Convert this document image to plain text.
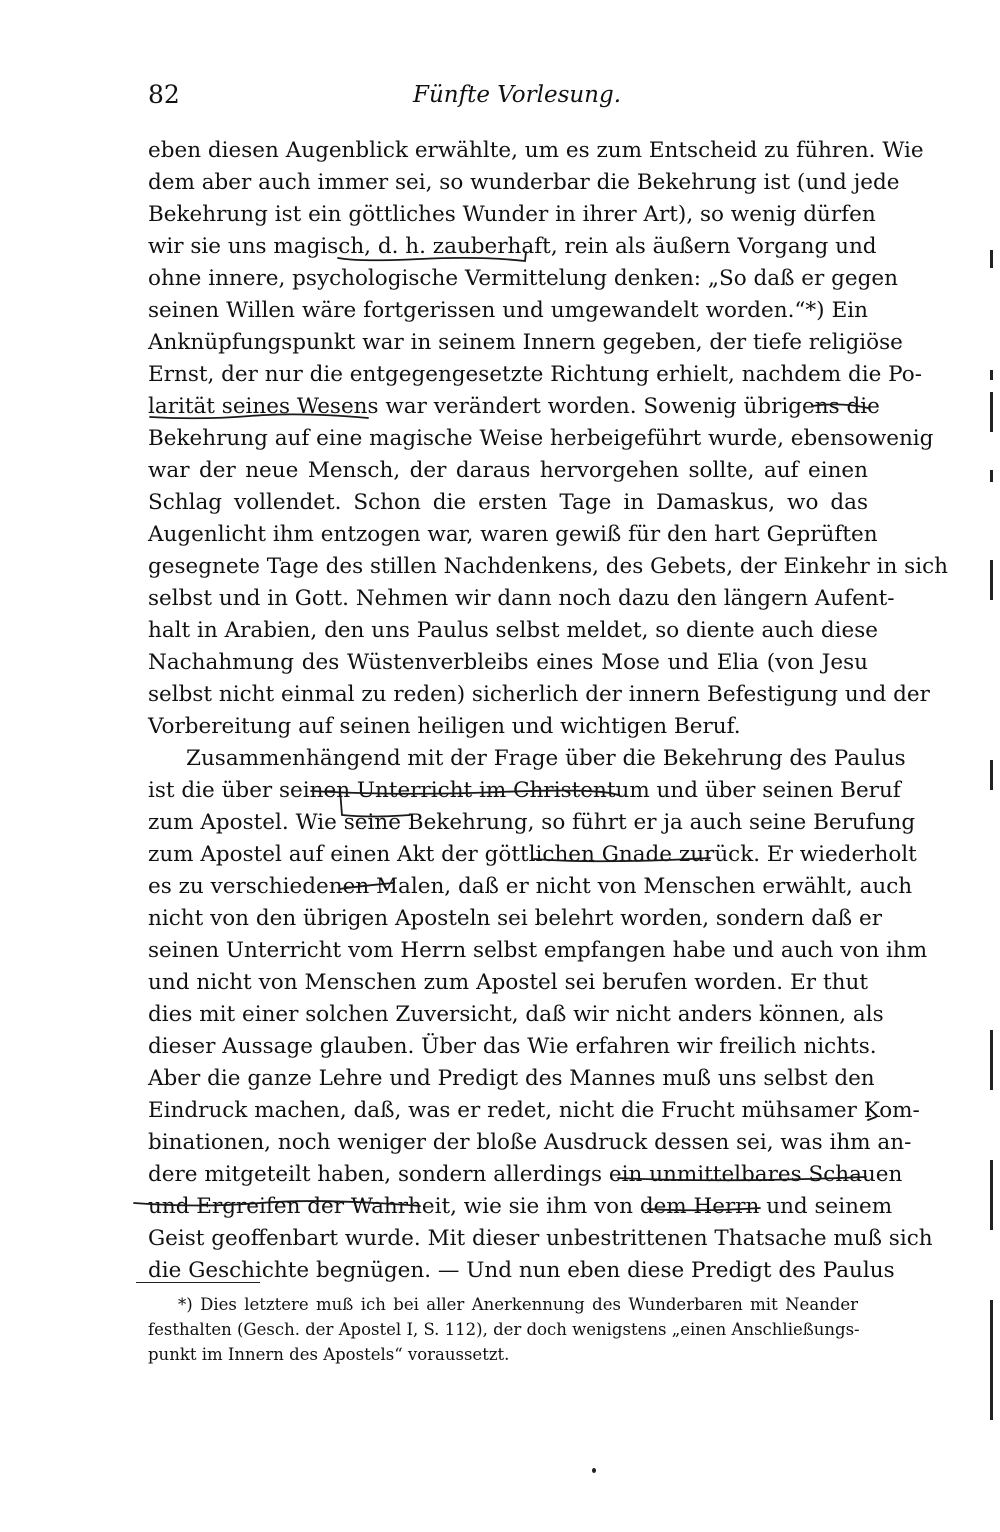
82	Fünfte Vorlesung.
eben diesen Augenblick erwählte, um es zum Entscheid zu führen. Wie
dem aber auch immer sei, so wunderbar die Bekehrung ist (und jede
Bekehrung ist ein göttliches Wunder in ihrer Art), so wenig dürfen
wir sie uns magisch, d. h. zauberhaft, rein als äußern Vorgang und
ohne innere, psychologische Vermittelung denken: „So daß er gegen
seinen Willen wäre fortgerissen und umgewandelt worden.“*) Ein
Anknüpfungspunkt war in seinem Innern gegeben, der tiefe religiöse
Ernst, der nur die entgegengesetzte Richtung erhielt, nachdem die Po-
larität seines Wesens war verändert worden. Sowenig übrigens die
Bekehrung auf eine magische Weise herbeigeführt wurde, ebensowenig
war der neue Mensch, der daraus hervorgehen sollte, auf einen
Schlag vollendet. Schon die ersten Tage in Damaskus, wo das
Augenlicht ihm entzogen war, waren gewiß für den hart Geprüften
gesegnete Tage des stillen Nachdenkens, des Gebets, der Einkehr in sich
selbst und in Gott. Nehmen wir dann noch dazu den längern Aufent-
halt in Arabien, den uns Paulus selbst meldet, so diente auch diese
Nachahmung des Wüstenverbleibs eines Mose und Elia (von Jesu
selbst nicht einmal zu reden) sicherlich der innern Befestigung und der
Vorbereitung auf seinen heiligen und wichtigen Beruf.
Zusammenhängend mit der Frage über die Bekehrung des Paulus
ist die über seinen Unterricht im Christentum und über seinen Beruf
zum Apostel. Wie seine Bekehrung, so führt er ja auch seine Berufung
zum Apostel auf einen Akt der göttlichen Gnade zurück. Er wiederholt
es zu verschiedenen Malen, daß er nicht von Menschen erwählt, auch
nicht von den übrigen Aposteln sei belehrt worden, sondern daß er
seinen Unterricht vom Herrn selbst empfangen habe und auch von ihm
und nicht von Menschen zum Apostel sei berufen worden. Er thut
dies mit einer solchen Zuversicht, daß wir nicht anders können, als
dieser Aussage glauben. Über das Wie erfahren wir freilich nichts.
Aber die ganze Lehre und Predigt des Mannes muß uns selbst den
Eindruck machen, daß, was er redet, nicht die Frucht mühsamer Kom-
binationen, noch weniger der bloße Ausdruck dessen sei, was ihm an-
dere mitgeteilt haben, sondern allerdings ein unmittelbares Schauen
und Ergreifen der Wahrheit, wie sie ihm von dem Herrn und seinem
Geist geoffenbart wurde. Mit dieser unbestrittenen Thatsache muß sich
die Geschichte begnügen. — Und nun eben diese Predigt des Paulus
*) Dies letztere muß ich bei aller Anerkennung des Wunderbaren mit Neander
festhalten (Gesch. der Apostel I, S. 112), der doch wenigstens „einen Anschließungs-
punkt im Innern des Apostels“ voraussetzt.
